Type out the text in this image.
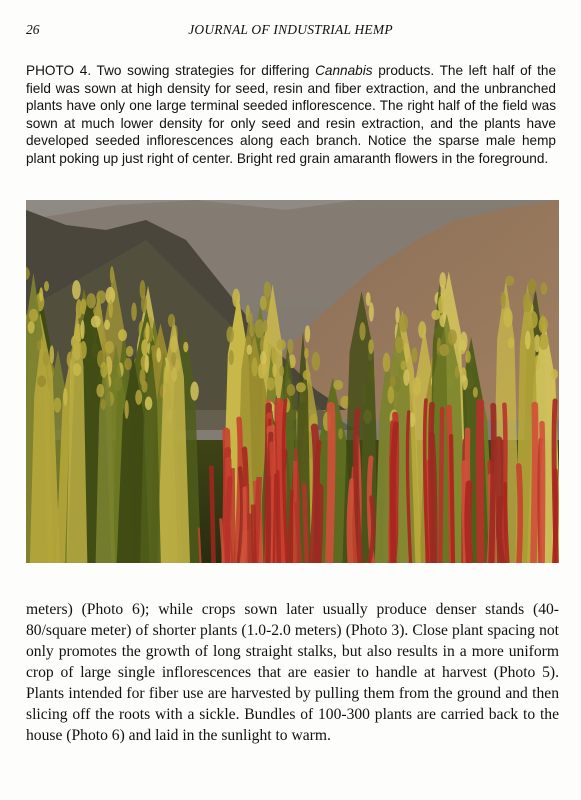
26	JOURNAL OF INDUSTRIAL HEMP

PHOTO 4. Two sowing strategies for differing Cannabis products. The left half of the field was sown at high density for seed, resin and fiber extraction, and the unbranched plants have only one large terminal seeded inflorescence. The right half of the field was sown at much lower density for only seed and resin extraction, and the plants have developed seeded inflorescences along each branch. Notice the sparse male hemp plant poking up just right of center. Bright red grain amaranth flowers in the foreground.

meters) (Photo 6); while crops sown later usually produce denser stands (40-80/square meter) of shorter plants (1.0-2.0 meters) (Photo 3). Close plant spacing not only promotes the growth of long straight stalks, but also results in a more uniform crop of large single inflorescences that are easier to handle at harvest (Photo 5). Plants intended for fiber use are harvested by pulling them from the ground and then slicing off the roots with a sickle. Bundles of 100-300 plants are carried back to the house (Photo 6) and laid in the sunlight to warm.
